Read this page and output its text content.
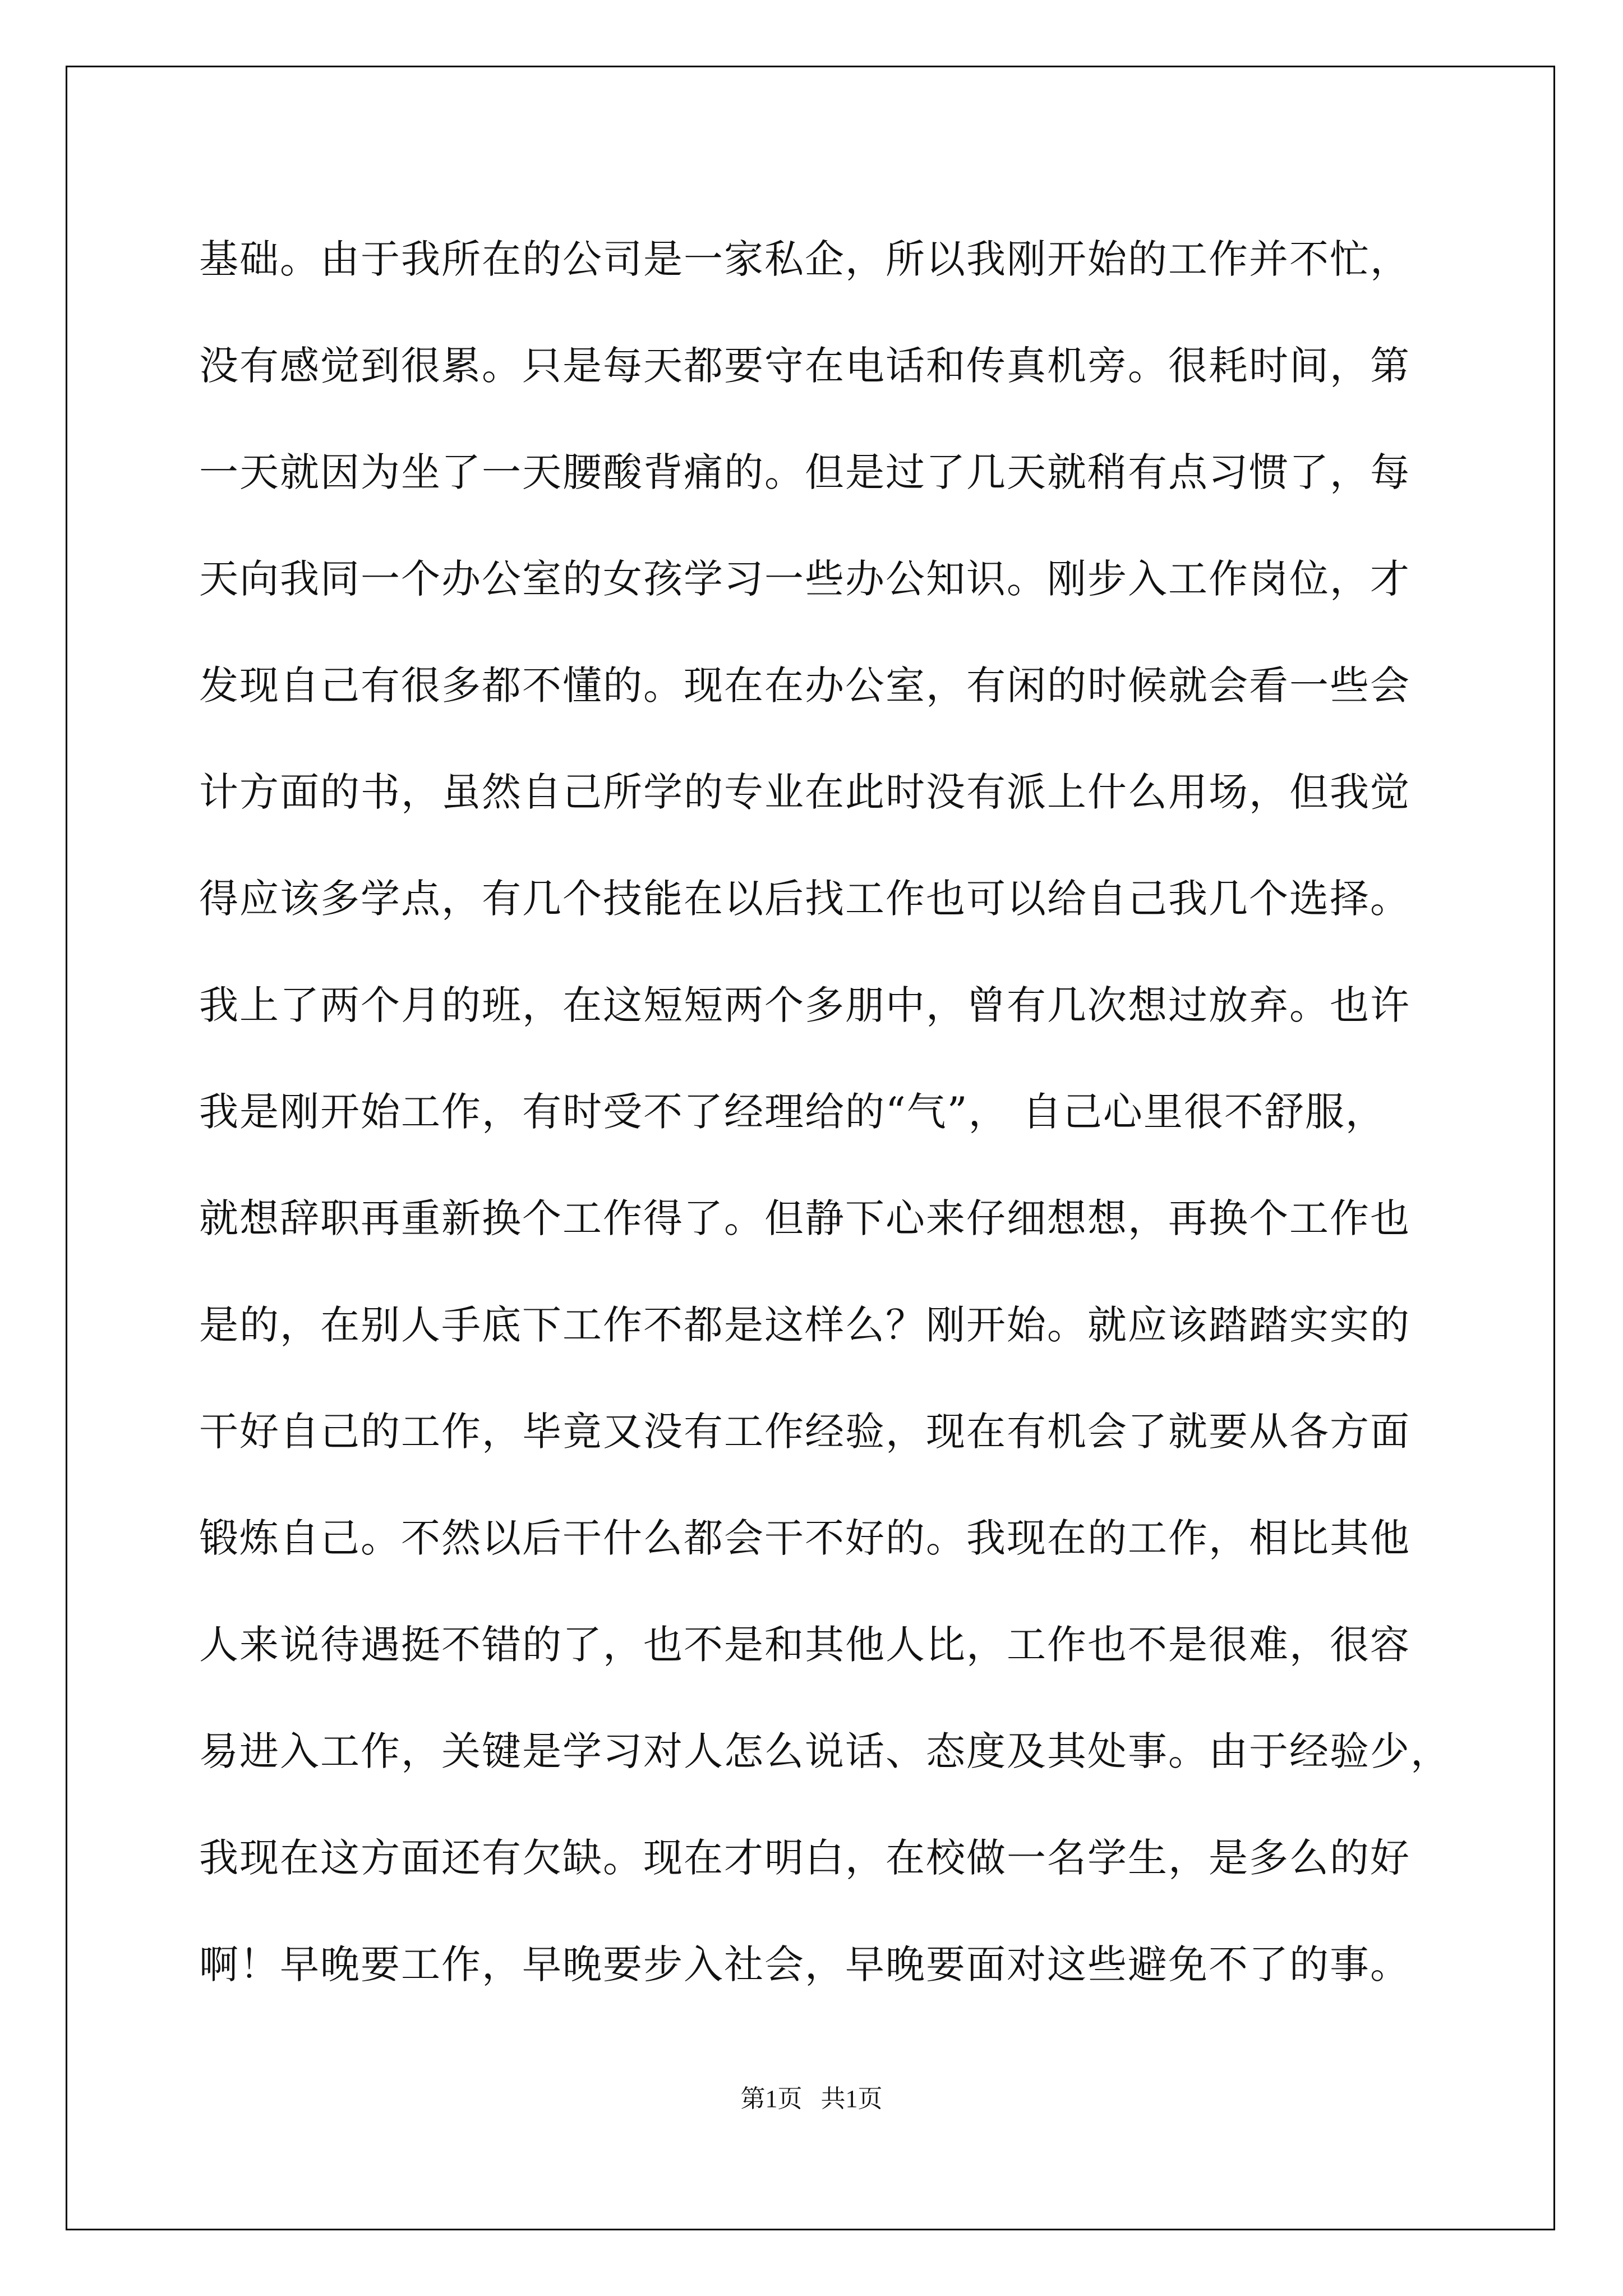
基础。由于我所在的公司是一家私企，所以我刚开始的工作并不忙，
没有感觉到很累。只是每天都要守在电话和传真机旁。很耗时间，第
一天就因为坐了一天腰酸背痛的。但是过了几天就稍有点习惯了，每
天向我同一个办公室的女孩学习一些办公知识。刚步入工作岗位，才
发现自己有很多都不懂的。现在在办公室，有闲的时候就会看一些会
计方面的书，虽然自己所学的专业在此时没有派上什么用场，但我觉
得应该多学点，有几个技能在以后找工作也可以给自己我几个选择。
我上了两个月的班，在这短短两个多朋中，曾有几次想过放弃。也许
我是刚开始工作，有时受不了经理给的“气”， 自己心里很不舒服，
就想辞职再重新换个工作得了。但静下心来仔细想想，再换个工作也
是的，在别人手底下工作不都是这样么？刚开始。就应该踏踏实实的
干好自己的工作，毕竟又没有工作经验，现在有机会了就要从各方面
锻炼自己。不然以后干什么都会干不好的。我现在的工作，相比其他
人来说待遇挺不错的了，也不是和其他人比，工作也不是很难，很容
易进入工作，关键是学习对人怎么说话、态度及其处事。由于经验少，
我现在这方面还有欠缺。现在才明白，在校做一名学生，是多么的好
啊！早晚要工作，早晚要步入社会，早晚要面对这些避免不了的事。
第1页   共1页
